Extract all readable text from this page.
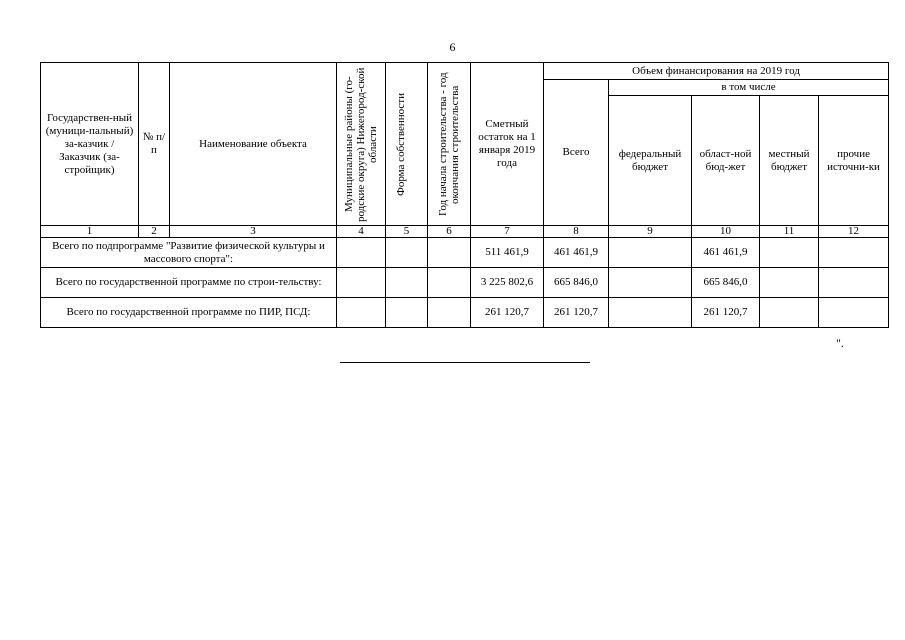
6
Государствен-ный (муници-пальный) за-казчик / Заказчик (за-стройщик)	№ п/п	Наименование объекта	Муниципальные районы (го-родские округа) Нижегород-ской области	Форма собственности	Год начала строительства - год окончания строительства	Сметный остаток на 1 января 2019 года	Объем финансирования на 2019 год				
							Всего	в том числе			
								федеральный бюджет	област-ной бюд-жет	местный бюджет	прочие источни-ки
1	2	3	4	5	6	7	8	9	10	11	12
Всего по подпрограмме "Развитие физической культуры и массового спорта":						511 461,9	461 461,9		461 461,9		
Всего по государственной программе по строи-тельству:						3 225 802,6	665 846,0		665 846,0		
Всего по государственной программе по ПИР, ПСД:						261 120,7	261 120,7		261 120,7		
".
